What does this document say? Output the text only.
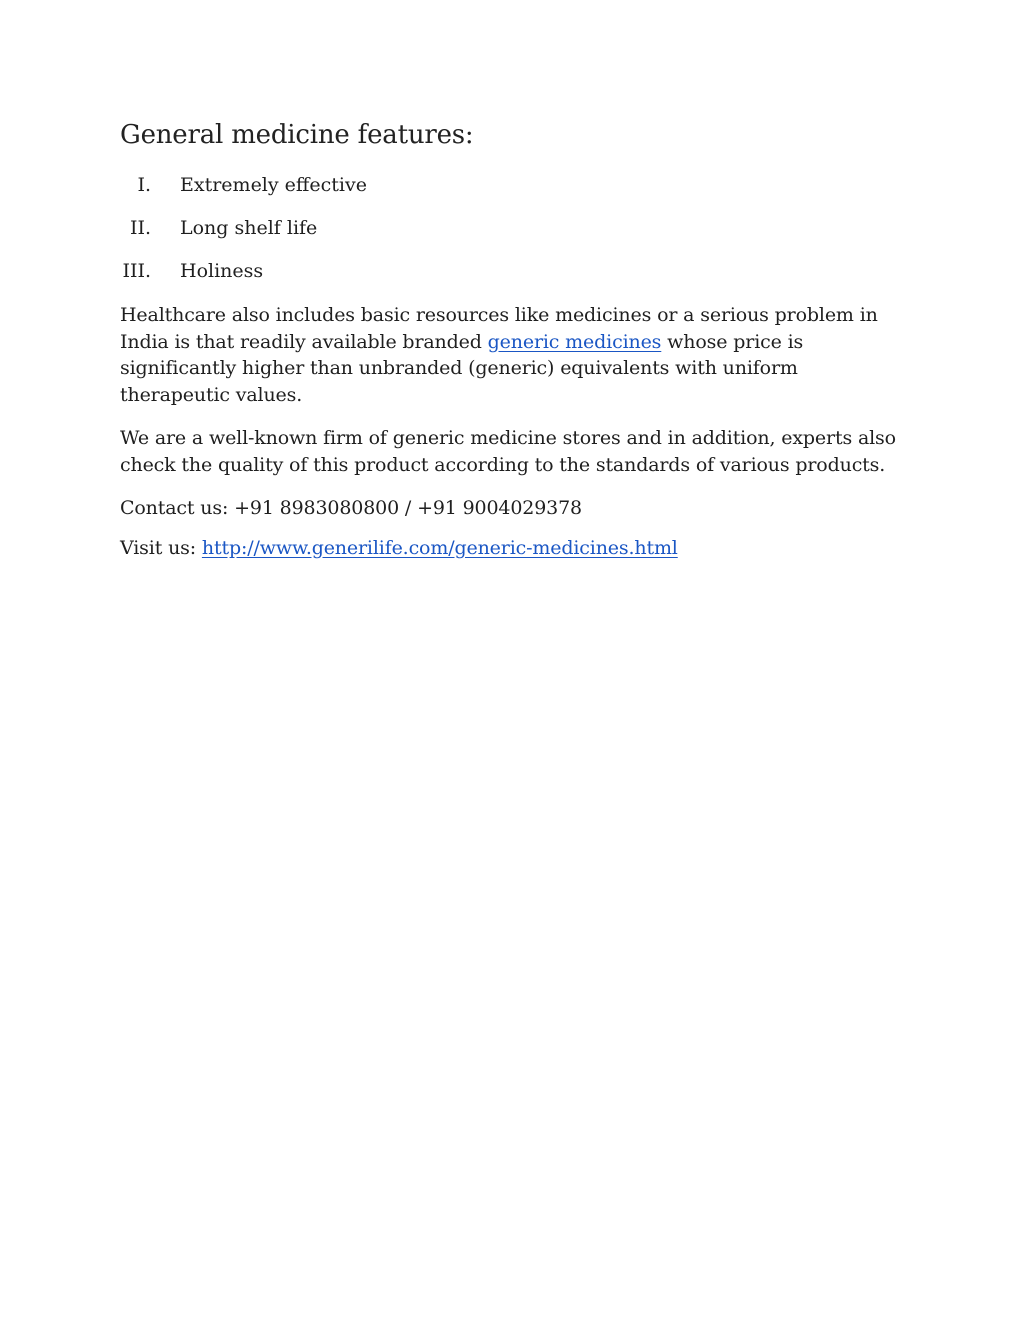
General medicine features:
I. Extremely effective
II. Long shelf life
III. Holiness

Healthcare also includes basic resources like medicines or a serious problem in India is that readily available branded generic medicines whose price is significantly higher than unbranded (generic) equivalents with uniform therapeutic values.

We are a well-known firm of generic medicine stores and in addition, experts also check the quality of this product according to the standards of various products.

Contact us: +91 8983080800 / +91 9004029378

Visit us: http://www.generilife.com/generic-medicines.html
